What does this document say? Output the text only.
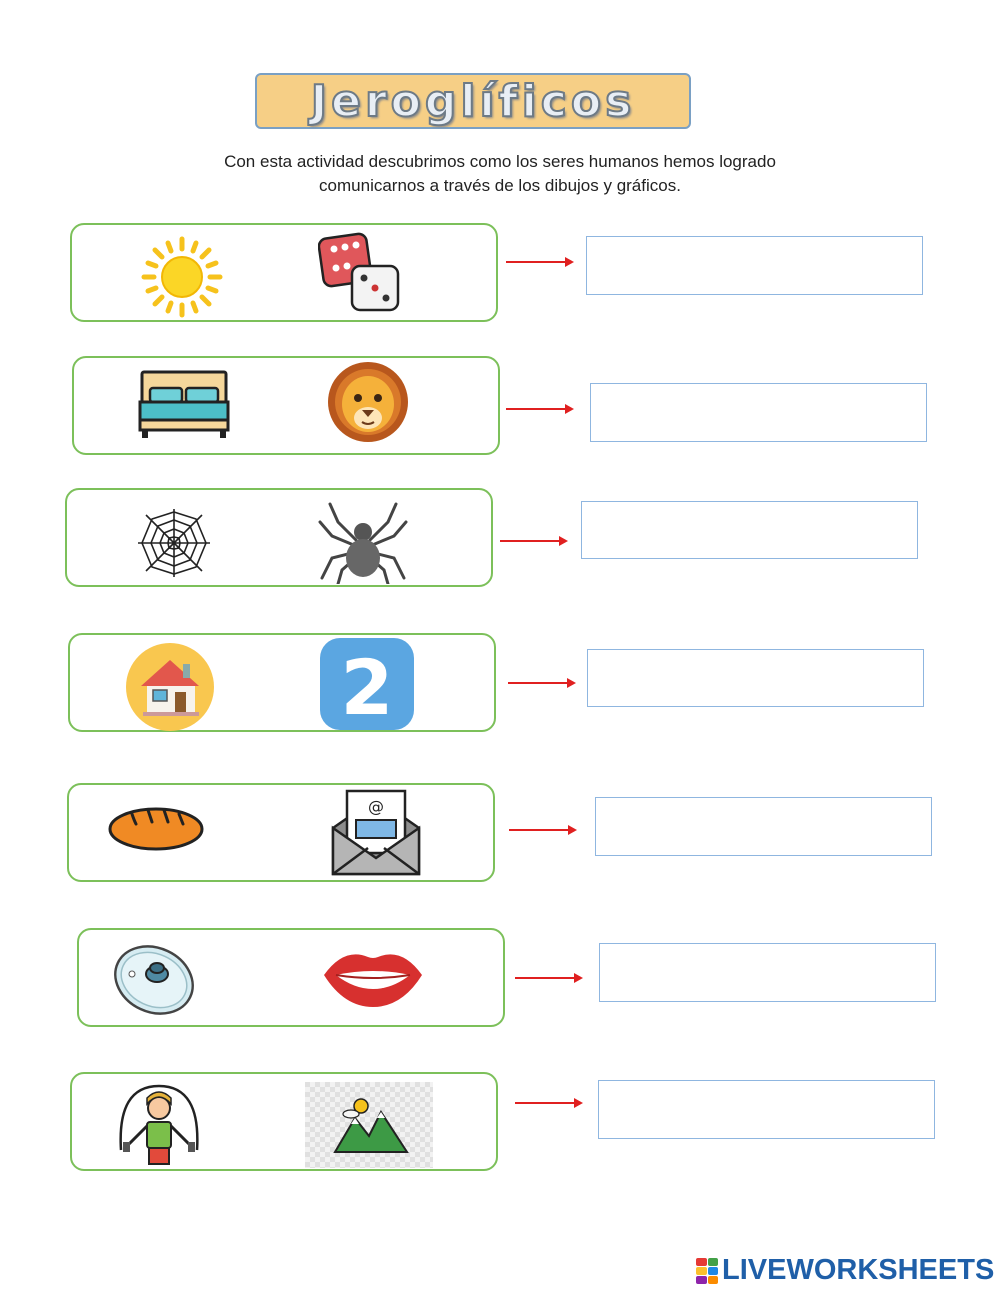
Jeroglíficos
Con esta actividad descubrimos como los seres humanos hemos logrado
comunicarnos a través de los dibujos y gráficos.
2
@
LIVEWORKSHEETS
